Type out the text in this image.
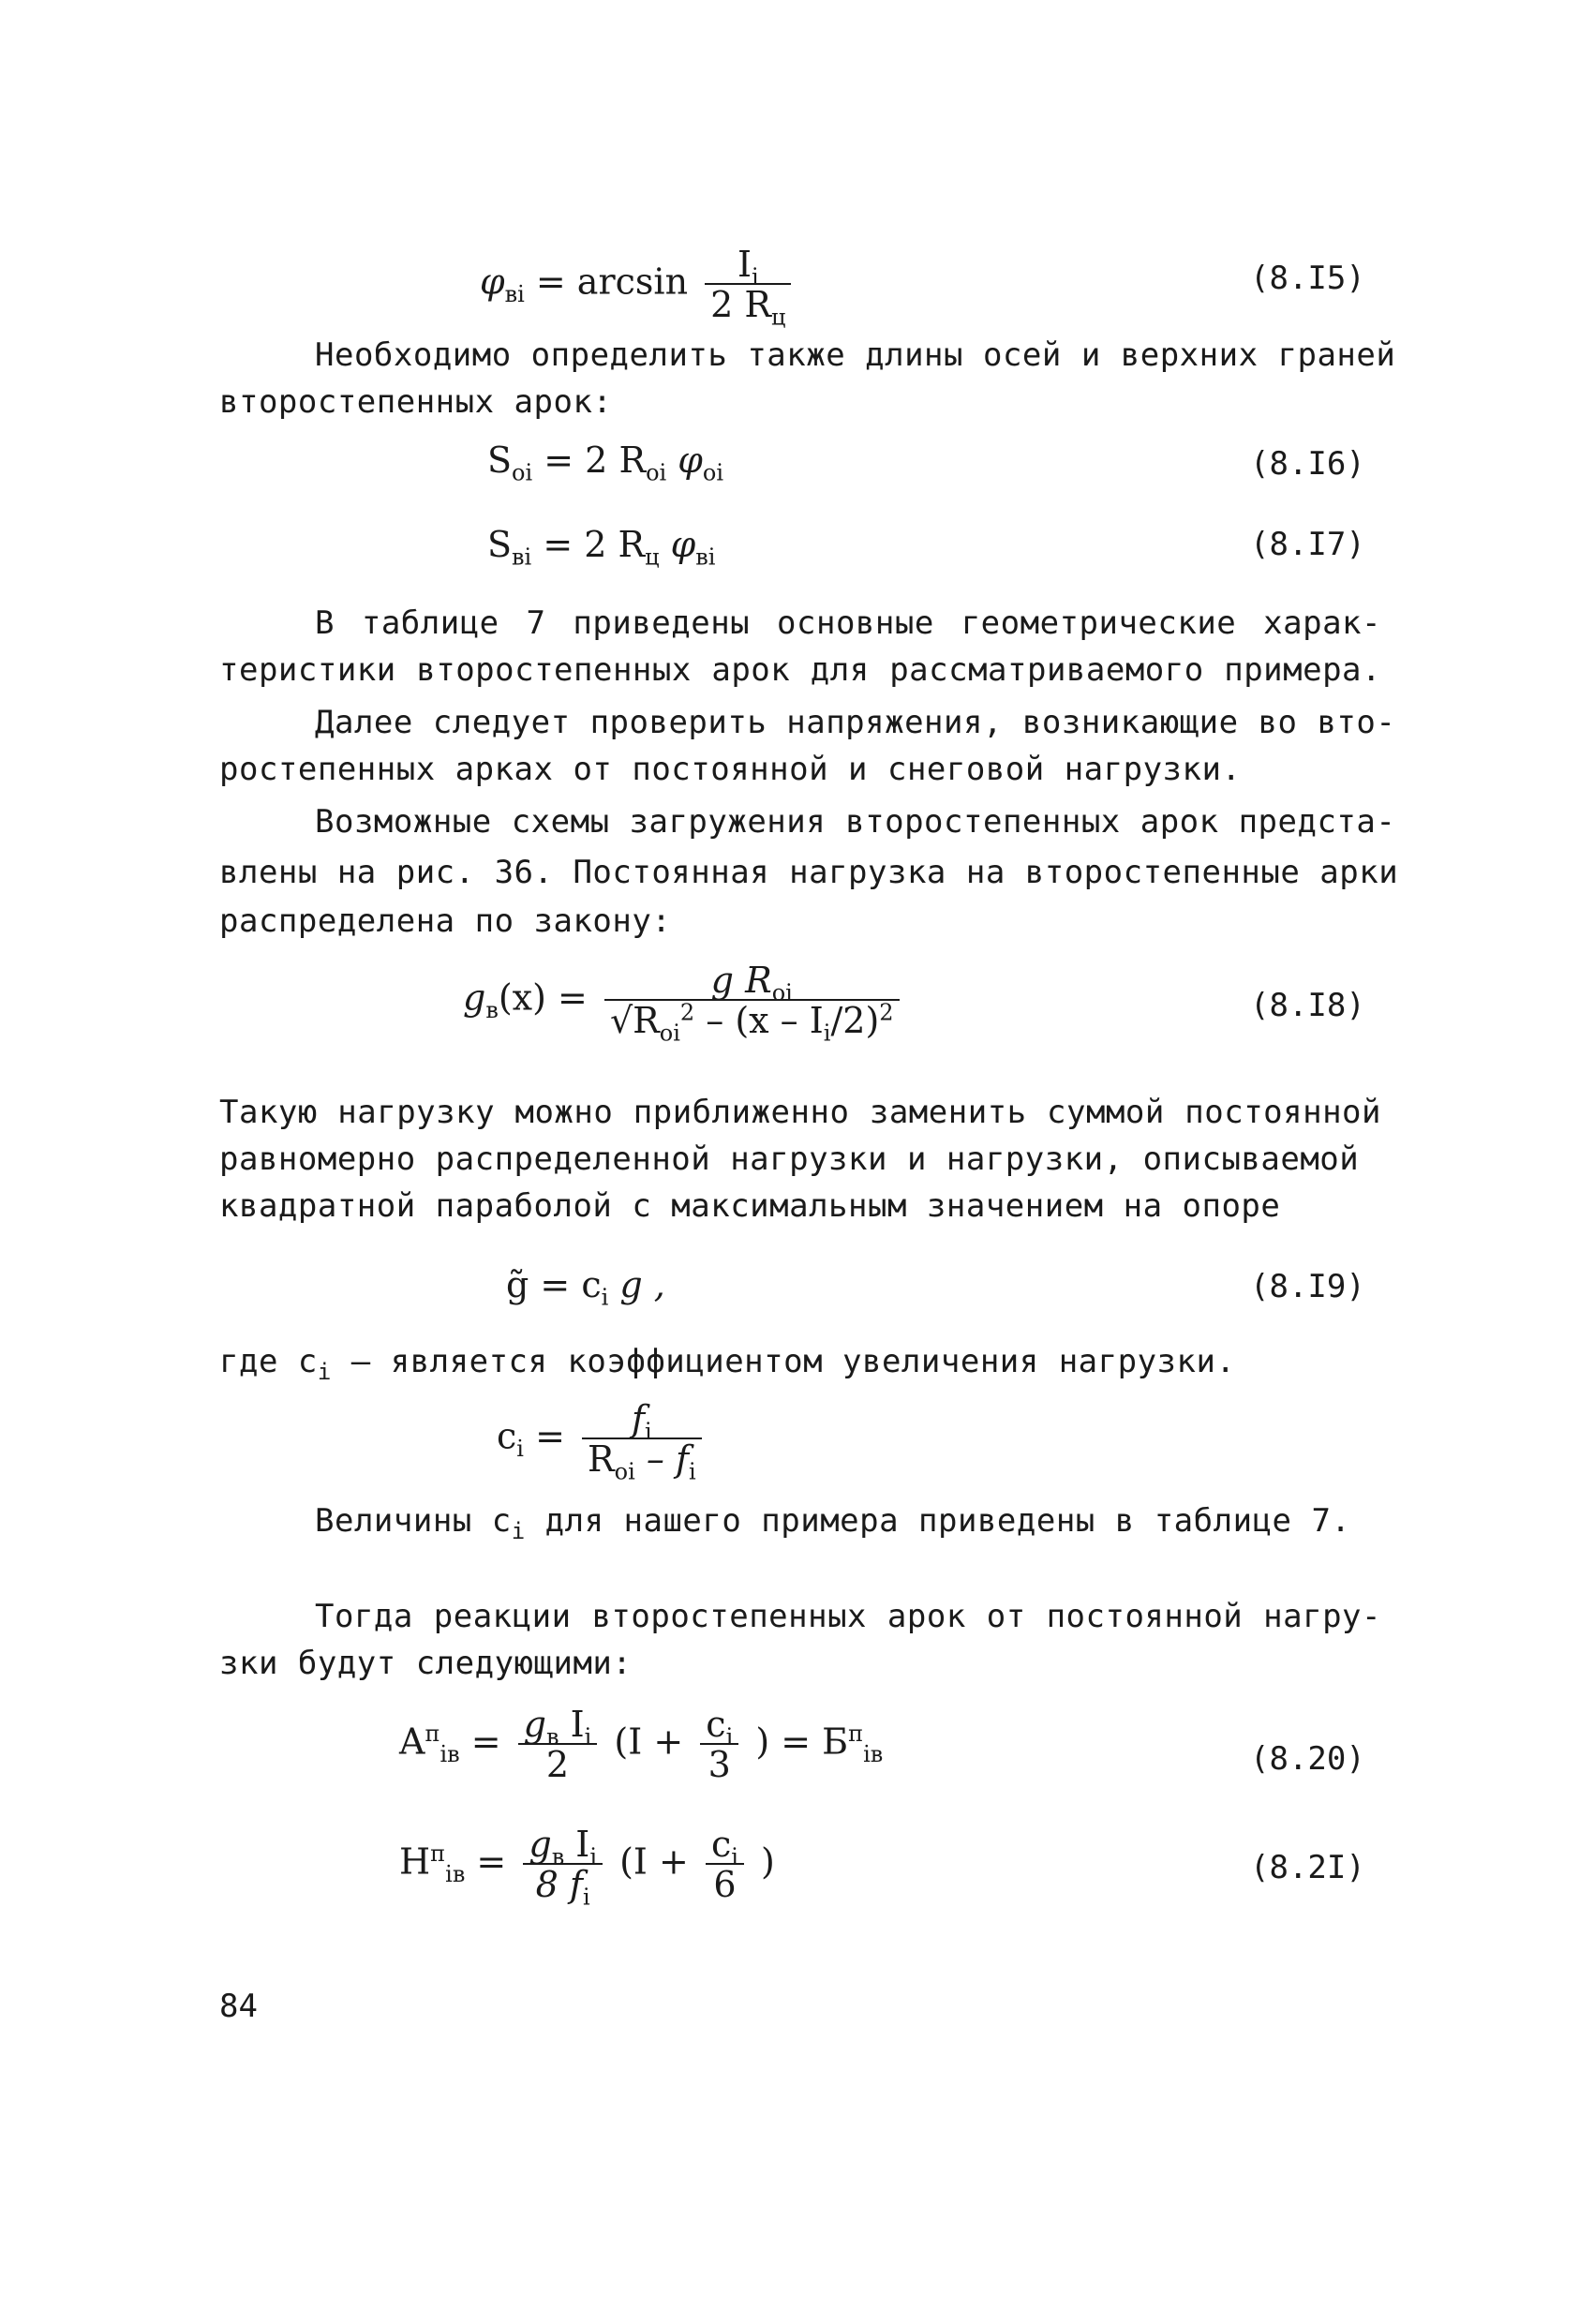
$\varphi_{вi} = \arcsin \frac{I_i}{2 R_ц}$	(8.I5)
Необходимо определить также длины осей и верхних граней
второстепенных арок:
$S_{oi} = 2$ $R_{oi}$ $\varphi_{oi}$	(8.I6)
$S_{вi} = 2$ $R_ц$ $\varphi_{вi}$	(8.I7)
В таблице 7 приведены основные геометрические харак-
теристики второстепенных арок для рассматриваемого примера.
Далее следует проверить напряжения, возникающие во вто-
ростепенных арках от постоянной и снеговой нагрузки.
Возможные схемы загружения второстепенных арок предста-
влены на рис. 36. Постоянная нагрузка на второстепенные арки
распределена по закону:
$g_в(x) = \frac{g R_{oi}}{√R_{oi}^2 - (x - I_i/2)^2}$	(8.I8)
Такую нагрузку можно приближенно заменить суммой постоянной
равномерно распределенной нагрузки и нагрузки, описываемой
квадратной параболой с максимальным значением на опоре
g̃ = $c_i$ g ,	(8.I9)
где $c_i$ – является коэффициентом увеличения нагрузки.
$c_i = \frac{f_i}{R_{oi} - f_i}$
Величины $c_i$ для нашего примера приведены в таблице 7.
Тогда реакции второстепенных арок от постоянной нагру-
зки будут следующими:
$A^п_{iв} = \frac{g_в I_i}{2} (I + \frac{c_i}{3}$ ) = $Б^п_{iв}$	(8.20)
$H^п_{iв} = \frac{g_в I_i}{8 f_i} (I + \frac{c_i}{6}$ )	(8.2I)
84
